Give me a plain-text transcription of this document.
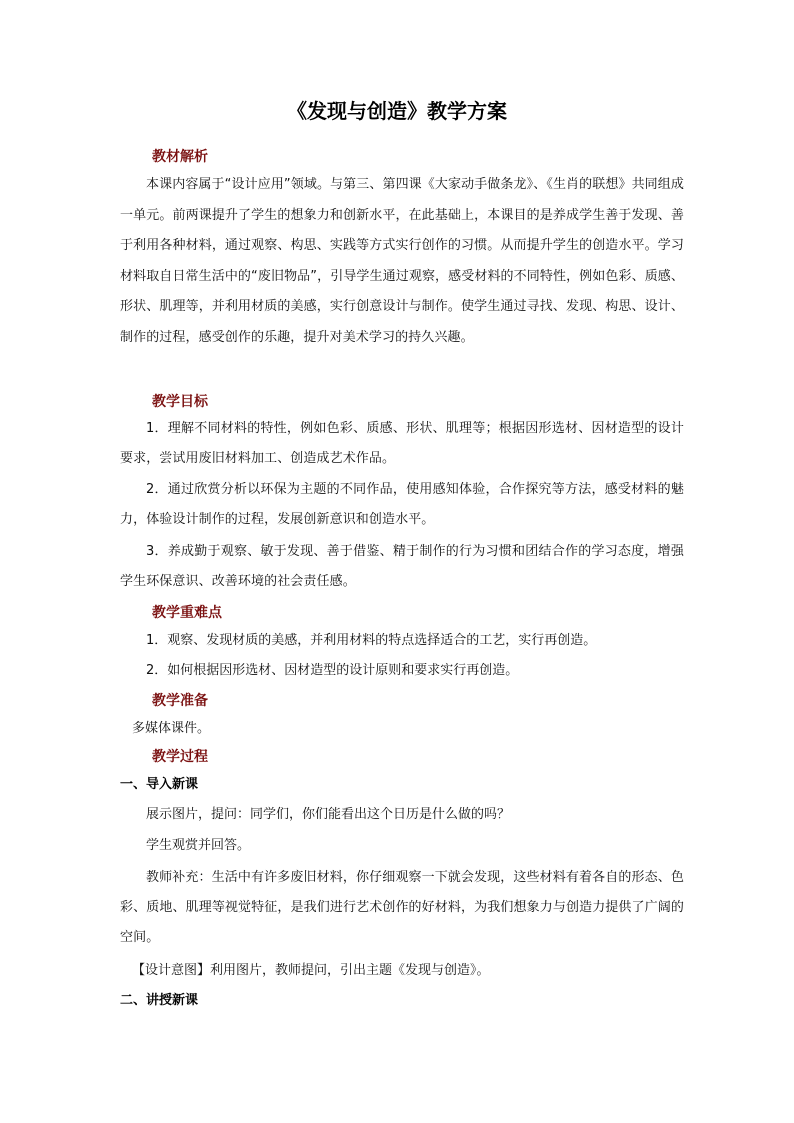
《发现与创造》教学方案
教材解析
本课内容属于“设计应用”领域。与第三、第四课《大家动手做条龙》、《生肖的联想》共同组成一单元。前两课提升了学生的想象力和创新水平，在此基础上，本课目的是养成学生善于发现、善于利用各种材料，通过观察、构思、实践等方式实行创作的习惯。从而提升学生的创造水平。学习材料取自日常生活中的“废旧物品”，引导学生通过观察，感受材料的不同特性，例如色彩、质感、形状、肌理等，并利用材质的美感，实行创意设计与制作。使学生通过寻找、发现、构思、设计、制作的过程，感受创作的乐趣，提升对美术学习的持久兴趣。
教学目标
1．理解不同材料的特性，例如色彩、质感、形状、肌理等；根据因形选材、因材造型的设计要求，尝试用废旧材料加工、创造成艺术作品。
2．通过欣赏分析以环保为主题的不同作品，使用感知体验，合作探究等方法，感受材料的魅力，体验设计制作的过程，发展创新意识和创造水平。
3．养成勤于观察、敏于发现、善于借鉴、精于制作的行为习惯和团结合作的学习态度，增强学生环保意识、改善环境的社会责任感。
教学重难点
1．观察、发现材质的美感，并利用材料的特点选择适合的工艺，实行再创造。
2．如何根据因形选材、因材造型的设计原则和要求实行再创造。
教学准备
多媒体课件。
教学过程
一、导入新课
展示图片，提问：同学们，你们能看出这个日历是什么做的吗？
学生观赏并回答。
教师补充：生活中有许多废旧材料，你仔细观察一下就会发现，这些材料有着各自的形态、色彩、质地、肌理等视觉特征，是我们进行艺术创作的好材料，为我们想象力与创造力提供了广阔的空间。
【设计意图】利用图片，教师提问，引出主题《发现与创造》。
二、讲授新课
